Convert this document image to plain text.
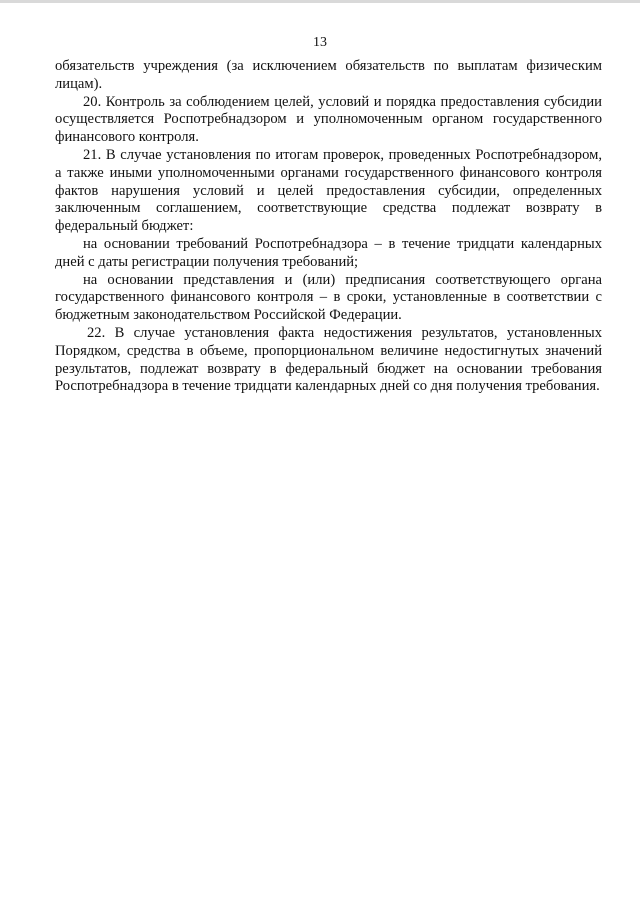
13

обязательств учреждения (за исключением обязательств по выплатам физическим лицам).

20. Контроль за соблюдением целей, условий и порядка предоставления субсидии осуществляется Роспотребнадзором и уполномоченным органом государственного финансового контроля.

21. В случае установления по итогам проверок, проведенных Роспотребнадзором, а также иными уполномоченными органами государственного финансового контроля фактов нарушения условий и целей предоставления субсидии, определенных заключенным соглашением, соответствующие средства подлежат возврату в федеральный бюджет:

на основании требований Роспотребнадзора – в течение тридцати календарных дней с даты регистрации получения требований;

на основании представления и (или) предписания соответствующего органа государственного финансового контроля – в сроки, установленные в соответствии с бюджетным законодательством Российской Федерации.

22. В случае установления факта недостижения результатов, установленных Порядком, средства в объеме, пропорциональном величине недостигнутых значений результатов, подлежат возврату в федеральный бюджет на основании требования Роспотребнадзора в течение тридцати календарных дней со дня получения требования.
